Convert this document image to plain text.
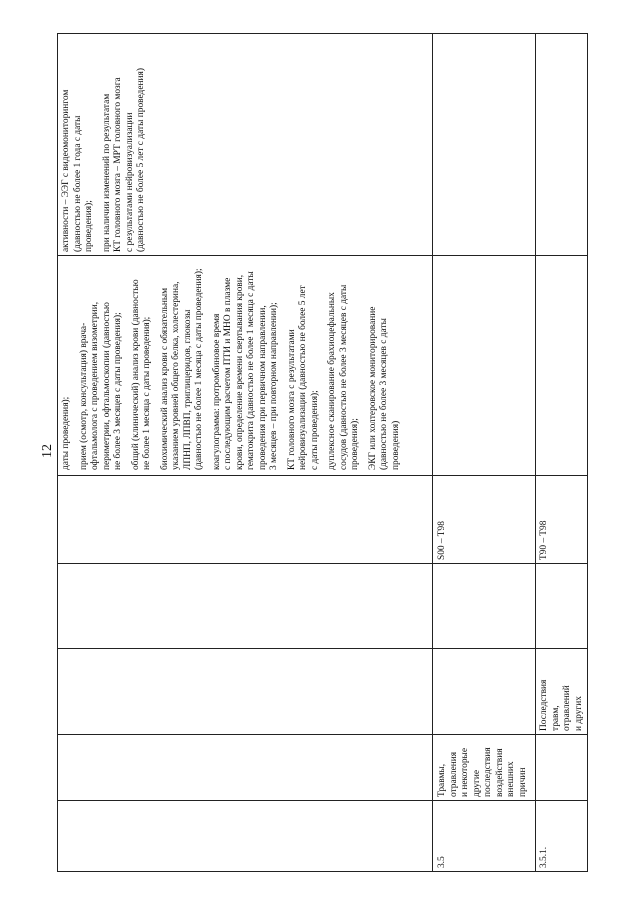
12
активности – ЭЭГ с видеомониторингом (давностью не более 1 года с даты проведения); при наличии изменений по результатам КТ головного мозга – МРТ головного мозга с результатами нейровизуализации (давностью не более 5 лет с даты проведения)
даты проведения); прием (осмотр, консультация) врача- офтальмолога с проведением визометрии, периметрии, офтальмоскопии (давностью не более 3 месяцев с даты проведения); общий (клинический) анализ крови (давностью не более 1 месяца с даты проведения); биохимический анализ крови с обязательным указанием уровней общего белка, холестерина, ЛПНП, ЛПВП, триглицеридов, глюкозы (давностью не более 1 месяца с даты проведения); коагулограмма: протромбиновое время с последующим расчетом ПТИ и МНО в плазме крови, определение времени свертывания крови, гематокрита (давностью не более 1 месяца с даты проведения при первичном направлении, 3 месяцев – при повторном направлении); КТ головного мозга с результатами нейровизуализации (давностью не более 5 лет с даты проведения); дуплексное сканирование брахиоцефальных сосудов (давностью не более 3 месяцев с даты проведения); ЭКГ или холтеровское мониторирование (давностью не более 3 месяцев с даты проведения)
3.5
Травмы, отравления и некоторые другие последствия воздействия внешних причин
S00 – T98
3.5.1.
Последствия травм, отравлений и других
T90 – T98
